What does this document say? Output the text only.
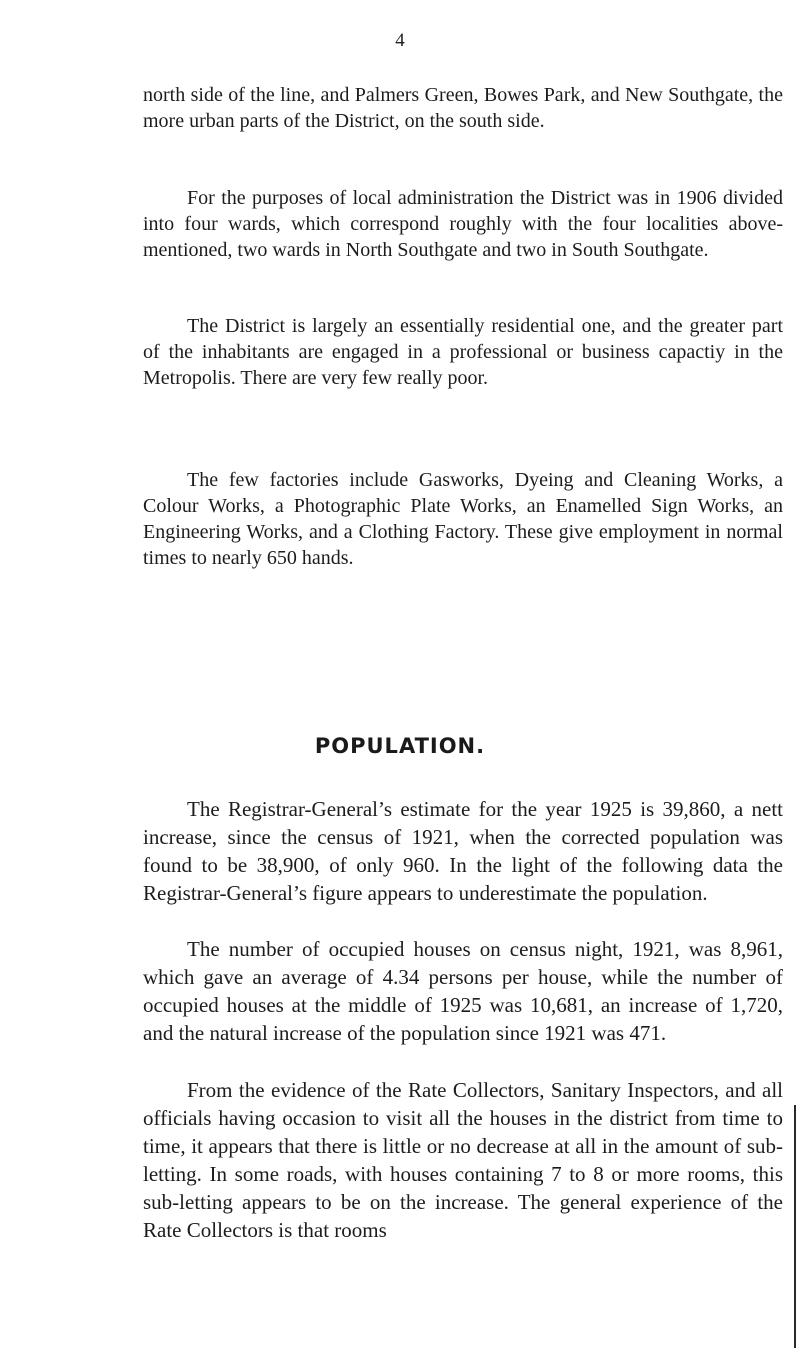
4

north side of the line, and Palmers Green, Bowes Park, and New Southgate, the more urban parts of the District, on the south side.

For the purposes of local administration the District was in 1906 divided into four wards, which correspond roughly with the four localities above-mentioned, two wards in North Southgate and two in South Southgate.

The District is largely an essentially residential one, and the greater part of the inhabitants are engaged in a professional or business capactiy in the Metropolis. There are very few really poor.

The few factories include Gasworks, Dyeing and Cleaning Works, a Colour Works, a Photographic Plate Works, an Enamelled Sign Works, an Engineering Works, and a Clothing Factory. These give employment in normal times to nearly 650 hands.

POPULATION.

The Registrar-General’s estimate for the year 1925 is 39,860, a nett increase, since the census of 1921, when the corrected population was found to be 38,900, of only 960. In the light of the following data the Registrar-General’s figure appears to underestimate the population.

The number of occupied houses on census night, 1921, was 8,961, which gave an average of 4.34 persons per house, while the number of occupied houses at the middle of 1925 was 10,681, an increase of 1,720, and the natural increase of the population since 1921 was 471.

From the evidence of the Rate Collectors, Sanitary Inspectors, and all officials having occasion to visit all the houses in the district from time to time, it appears that there is little or no decrease at all in the amount of sub-letting. In some roads, with houses containing 7 to 8 or more rooms, this sub-letting appears to be on the increase. The general experience of the Rate Collectors is that rooms
